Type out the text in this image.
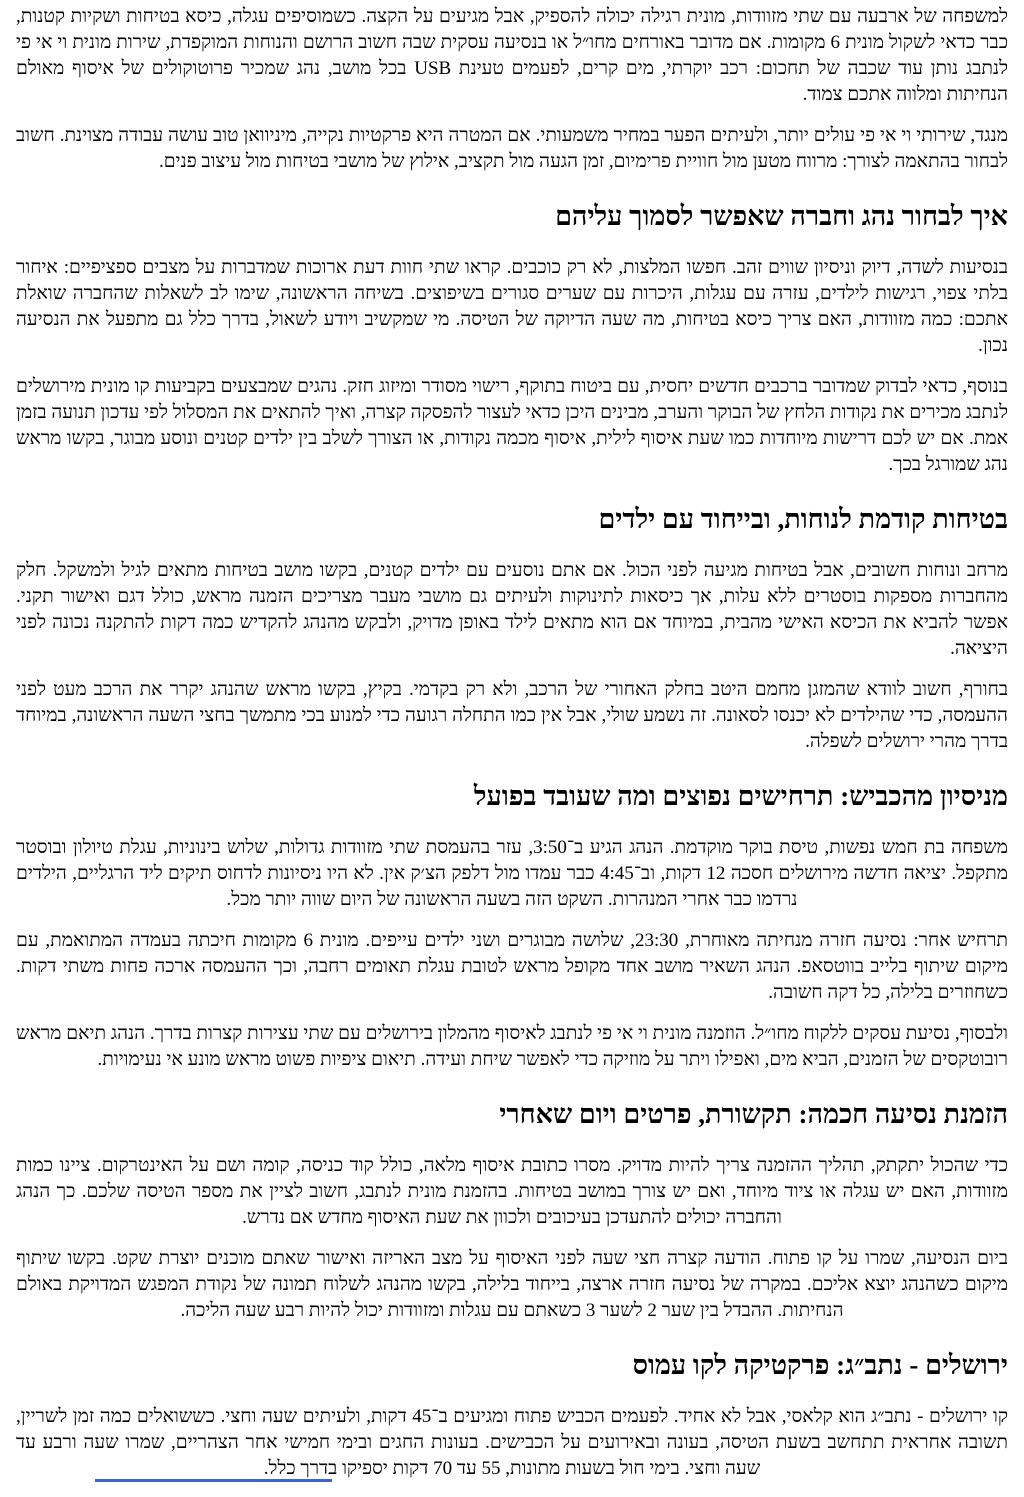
למשפחה של ארבעה עם שתי מזוודות, מונית רגילה יכולה להספיק, אבל מגיעים על הקצה. כשמוסיפים עגלה, כיסא בטיחות ושקיות קטנות, כבר כדאי לשקול מונית 6 מקומות. אם מדובר באורחים מחו״ל או בנסיעה עסקית שבה חשוב הרושם והנוחות המוקפדת, שירות מונית וי אי פי לנתבג נותן עוד שכבה של תחכום: רכב יוקרתי, מים קרים, לפעמים טעינת USB בכל מושב, נהג שמכיר פרוטוקולים של איסוף מאולם הנחיתות ומלווה אתכם צמוד.

מנגד, שירותי וי אי פי עולים יותר, ולעיתים הפער במחיר משמעותי. אם המטרה היא פרקטיות נקייה, מיניוואן טוב עושה עבודה מצוינת. חשוב לבחור בהתאמה לצורך: מרווח מטען מול חוויית פרימיום, זמן הגעה מול תקציב, אילוץ של מושבי בטיחות מול עיצוב פנים.

איך לבחור נהג וחברה שאפשר לסמוך עליהם

בנסיעות לשדה, דיוק וניסיון שווים זהב. חפשו המלצות, לא רק כוכבים. קראו שתי חוות דעת ארוכות שמדברות על מצבים ספציפיים: איחור בלתי צפוי, רגישות לילדים, עזרה עם עגלות, היכרות עם שערים סגורים בשיפוצים. בשיחה הראשונה, שימו לב לשאלות שהחברה שואלת אתכם: כמה מזוודות, האם צריך כיסא בטיחות, מה שעה הדיוקה של הטיסה. מי שמקשיב ויודע לשאול, בדרך כלל גם מתפעל את הנסיעה נכון.

בנוסף, כדאי לבדוק שמדובר ברכבים חדשים יחסית, עם ביטוח בתוקף, רישוי מסודר ומיזוג חזק. נהגים שמבצעים בקביעות קו מונית מירושלים לנתבג מכירים את נקודות הלחץ של הבוקר והערב, מבינים היכן כדאי לעצור להפסקה קצרה, ואיך להתאים את המסלול לפי עדכון תנועה בזמן אמת. אם יש לכם דרישות מיוחדות כמו שעת איסוף לילית, איסוף מכמה נקודות, או הצורך לשלב בין ילדים קטנים ונוסע מבוגר, בקשו מראש נהג שמורגל בכך.

בטיחות קודמת לנוחות, ובייחוד עם ילדים

מרחב ונוחות חשובים, אבל בטיחות מגיעה לפני הכול. אם אתם נוסעים עם ילדים קטנים, בקשו מושב בטיחות מתאים לגיל ולמשקל. חלק מהחברות מספקות בוסטרים ללא עלות, אך כיסאות לתינוקות ולעיתים גם מושבי מעבר מצריכים הזמנה מראש, כולל דגם ואישור תקני. אפשר להביא את הכיסא האישי מהבית, במיוחד אם הוא מתאים לילד באופן מדויק, ולבקש מהנהג להקדיש כמה דקות להתקנה נכונה לפני היציאה.

בחורף, חשוב לוודא שהמזגן מחמם היטב בחלק האחורי של הרכב, ולא רק בקדמי. בקיץ, בקשו מראש שהנהג יקרר את הרכב מעט לפני ההעמסה, כדי שהילדים לא יכנסו לסאונה. זה נשמע שולי, אבל אין כמו התחלה רגועה כדי למנוע בכי מתמשך בחצי השעה הראשונה, במיוחד בדרך מהרי ירושלים לשפלה.

מניסיון מהכביש: תרחישים נפוצים ומה שעובד בפועל

משפחה בת חמש נפשות, טיסת בוקר מוקדמת. הנהג הגיע ב־3:50, עזר בהעמסת שתי מזוודות גדולות, שלוש בינוניות, עגלת טיולון ובוסטר מתקפל. יציאה חדשה מירושלים חסכה 12 דקות, וב־4:45 כבר עמדו מול דלפק הצ׳ק אין. לא היו ניסיונות לדחוס תיקים ליד הרגליים, הילדים נרדמו כבר אחרי המנהרות. השקט הזה בשעה הראשונה של היום שווה יותר מכל.

תרחיש אחר: נסיעה חזרה מנחיתה מאוחרת, 23:30, שלושה מבוגרים ושני ילדים עייפים. מונית 6 מקומות חיכתה בעמדה המתואמת, עם מיקום שיתוף בלייב בווטסאפ. הנהג השאיר מושב אחד מקופל מראש לטובת עגלת תאומים רחבה, וכך ההעמסה ארכה פחות משתי דקות. כשחוזרים בלילה, כל דקה חשובה.

ולבסוף, נסיעת עסקים ללקוח מחו״ל. הוזמנה מונית וי אי פי לנתבג לאיסוף מהמלון בירושלים עם שתי עצירות קצרות בדרך. הנהג תיאם מראש רובוטקסים של הזמנים, הביא מים, ואפילו ויתר על מוזיקה כדי לאפשר שיחת ועידה. תיאום ציפיות פשוט מראש מונע אי נעימויות.

הזמנת נסיעה חכמה: תקשורת, פרטים ויום שאחרי

כדי שהכול יתקתק, תהליך ההזמנה צריך להיות מדויק. מסרו כתובת איסוף מלאה, כולל קוד כניסה, קומה ושם על האינטרקום. ציינו כמות מזוודות, האם יש עגלה או ציוד מיוחד, ואם יש צורך במושב בטיחות. בהזמנת מונית לנתבג, חשוב לציין את מספר הטיסה שלכם. כך הנהג והחברה יכולים להתעדכן בעיכובים ולכוון את שעת האיסוף מחדש אם נדרש.

ביום הנסיעה, שמרו על קו פתוח. הודעה קצרה חצי שעה לפני האיסוף על מצב האריזה ואישור שאתם מוכנים יוצרת שקט. בקשו שיתוף מיקום כשהנהג יוצא אליכם. במקרה של נסיעה חזרה ארצה, בייחוד בלילה, בקשו מהנהג לשלוח תמונה של נקודת המפגש המדויקת באולם הנחיתות. ההבדל בין שער 2 לשער 3 כשאתם עם עגלות ומזוודות יכול להיות רבע שעה הליכה.

ירושלים - נתב״ג: פרקטיקה לקו עמוס

קו ירושלים - נתב״ג הוא קלאסי, אבל לא אחיד. לפעמים הכביש פתוח ומגיעים ב־45 דקות, ולעיתים שעה וחצי. כששואלים כמה זמן לשריין, תשובה אחראית תתחשב בשעת הטיסה, בעונה ובאירועים על הכבישים. בעונות החגים ובימי חמישי אחר הצהריים, שמרו שעה ורבע עד שעה וחצי. בימי חול בשעות מתונות, 55 עד 70 דקות יספיקו בדרך כלל.
